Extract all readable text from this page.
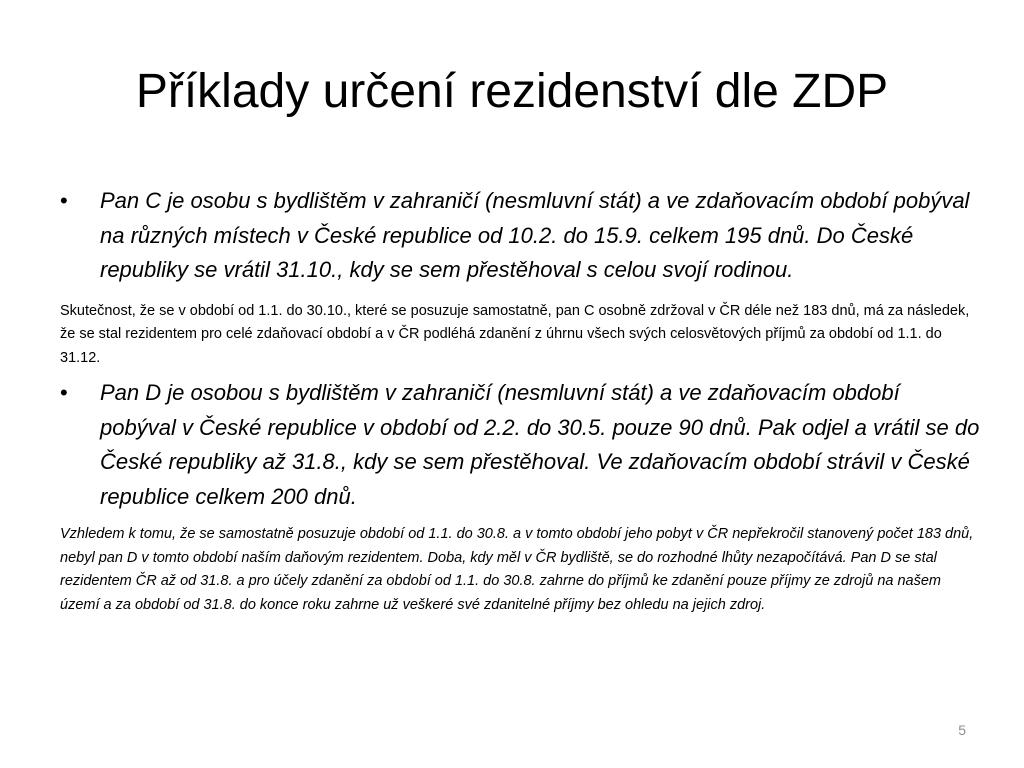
Příklady určení rezidenství dle ZDP

•	Pan C je osobu s bydlištěm v zahraničí (nesmluvní stát) a ve zdaňovacím období pobýval na různých místech v České republice od 10.2. do 15.9. celkem 195 dnů. Do České republiky se vrátil 31.10., kdy se sem přestěhoval s celou svojí rodinou.

Skutečnost, že se v období od 1.1. do 30.10., které se posuzuje samostatně, pan C osobně zdržoval v ČR déle než 183 dnů, má za následek, že se stal rezidentem pro celé zdaňovací období a v ČR podléhá zdanění z úhrnu všech svých celosvětových příjmů za období od 1.1. do 31.12.

•	Pan D je osobou s bydlištěm v zahraničí (nesmluvní stát) a ve zdaňovacím období pobýval v České republice v období od 2.2. do 30.5. pouze 90 dnů. Pak odjel a vrátil se do České republiky až 31.8., kdy se sem přestěhoval. Ve zdaňovacím období strávil v České republice celkem 200 dnů.

Vzhledem k tomu, že se samostatně posuzuje období od 1.1. do 30.8. a v tomto období jeho pobyt v ČR nepřekročil stanovený počet 183 dnů, nebyl pan D v tomto období naším daňovým rezidentem. Doba, kdy měl v ČR bydliště, se do rozhodné lhůty nezapočítává. Pan D se stal rezidentem ČR až od 31.8. a pro účely zdanění za období od 1.1. do 30.8. zahrne do příjmů ke zdanění pouze příjmy ze zdrojů na našem území a za období od 31.8. do konce roku zahrne už veškeré své zdanitelné příjmy bez ohledu na jejich zdroj.

5
